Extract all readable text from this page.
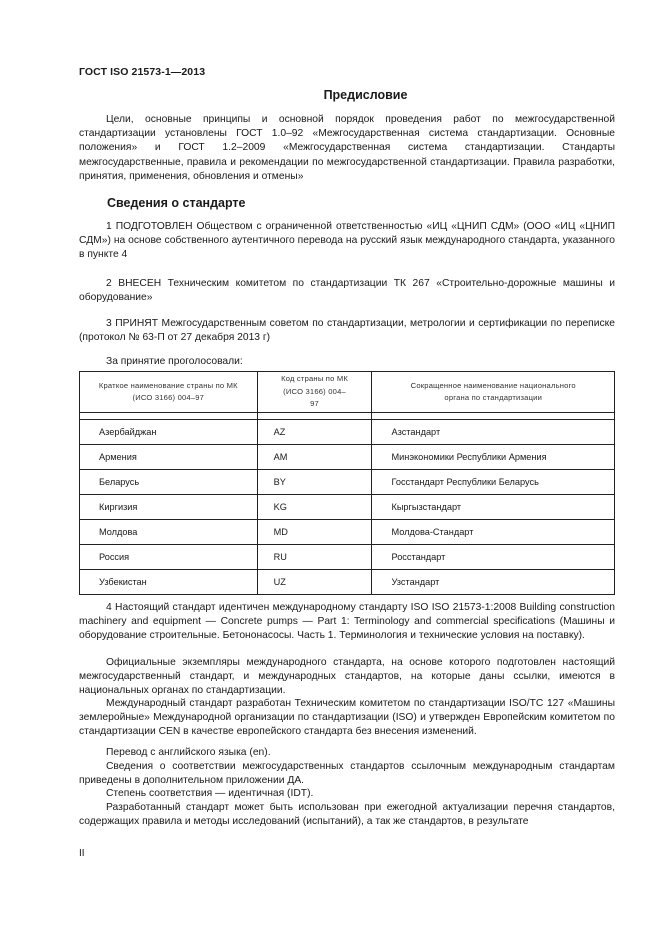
ГОСТ ISO 21573-1—2013
Предисловие
Цели, основные принципы и основной порядок проведения работ по межгосударственной стандартизации установлены ГОСТ 1.0–92 «Межгосударственная система стандартизации. Основные положения» и ГОСТ 1.2–2009 «Межгосударственная система стандартизации. Стандарты межгосударственные, правила и рекомендации по межгосударственной стандартизации. Правила разработки, принятия, применения, обновления и отмены»
Сведения о стандарте
1 ПОДГОТОВЛЕН Обществом с ограниченной ответственностью «ИЦ «ЦНИП СДМ» (ООО «ИЦ «ЦНИП СДМ») на основе собственного аутентичного перевода на русский язык международного стандарта, указанного в пункте 4
2 ВНЕСЕН Техническим комитетом по стандартизации ТК 267 «Строительно-дорожные машины и оборудование»
3 ПРИНЯТ Межгосударственным советом по стандартизации, метрологии и сертификации по переписке (протокол № 63-П от 27 декабря 2013 г)
За принятие проголосовали:
Краткое наименование страны по МК (ИСО 3166) 004–97	Код страны по МК (ИСО 3166) 004–97	Сокращенное наименование национального органа по стандартизации

Азербайджан	AZ	Азстандарт
Армения	AM	Минэкономики Республики Армения
Беларусь	BY	Госстандарт Республики Беларусь
Киргизия	KG	Кыргызстандарт
Молдова	MD	Молдова-Стандарт
Россия	RU	Росстандарт
Узбекистан	UZ	Узстандарт
4 Настоящий стандарт идентичен международному стандарту ISO ISO 21573-1:2008 Building construction machinery and equipment — Concrete pumps — Part 1: Terminology and commercial specifications (Машины и оборудование строительные. Бетононасосы. Часть 1. Терминология и технические условия на поставку).
Официальные экземпляры международного стандарта, на основе которого подготовлен настоящий межгосударственный стандарт, и международных стандартов, на которые даны ссылки, имеются в национальных органах по стандартизации.
Международный стандарт разработан Техническим комитетом по стандартизации ISO/TC 127 «Машины землеройные» Международной организации по стандартизации (ISO) и утвержден Европейским комитетом по стандартизации CEN в качестве европейского стандарта без внесения изменений.
Перевод с английского языка (en).
Сведения о соответствии межгосударственных стандартов ссылочным международным стандартам приведены в дополнительном приложении ДА.
Степень соответствия — идентичная (IDT).
Разработанный стандарт может быть использован при ежегодной актуализации перечня стандартов, содержащих правила и методы исследований (испытаний), а так же стандартов, в результате
II
